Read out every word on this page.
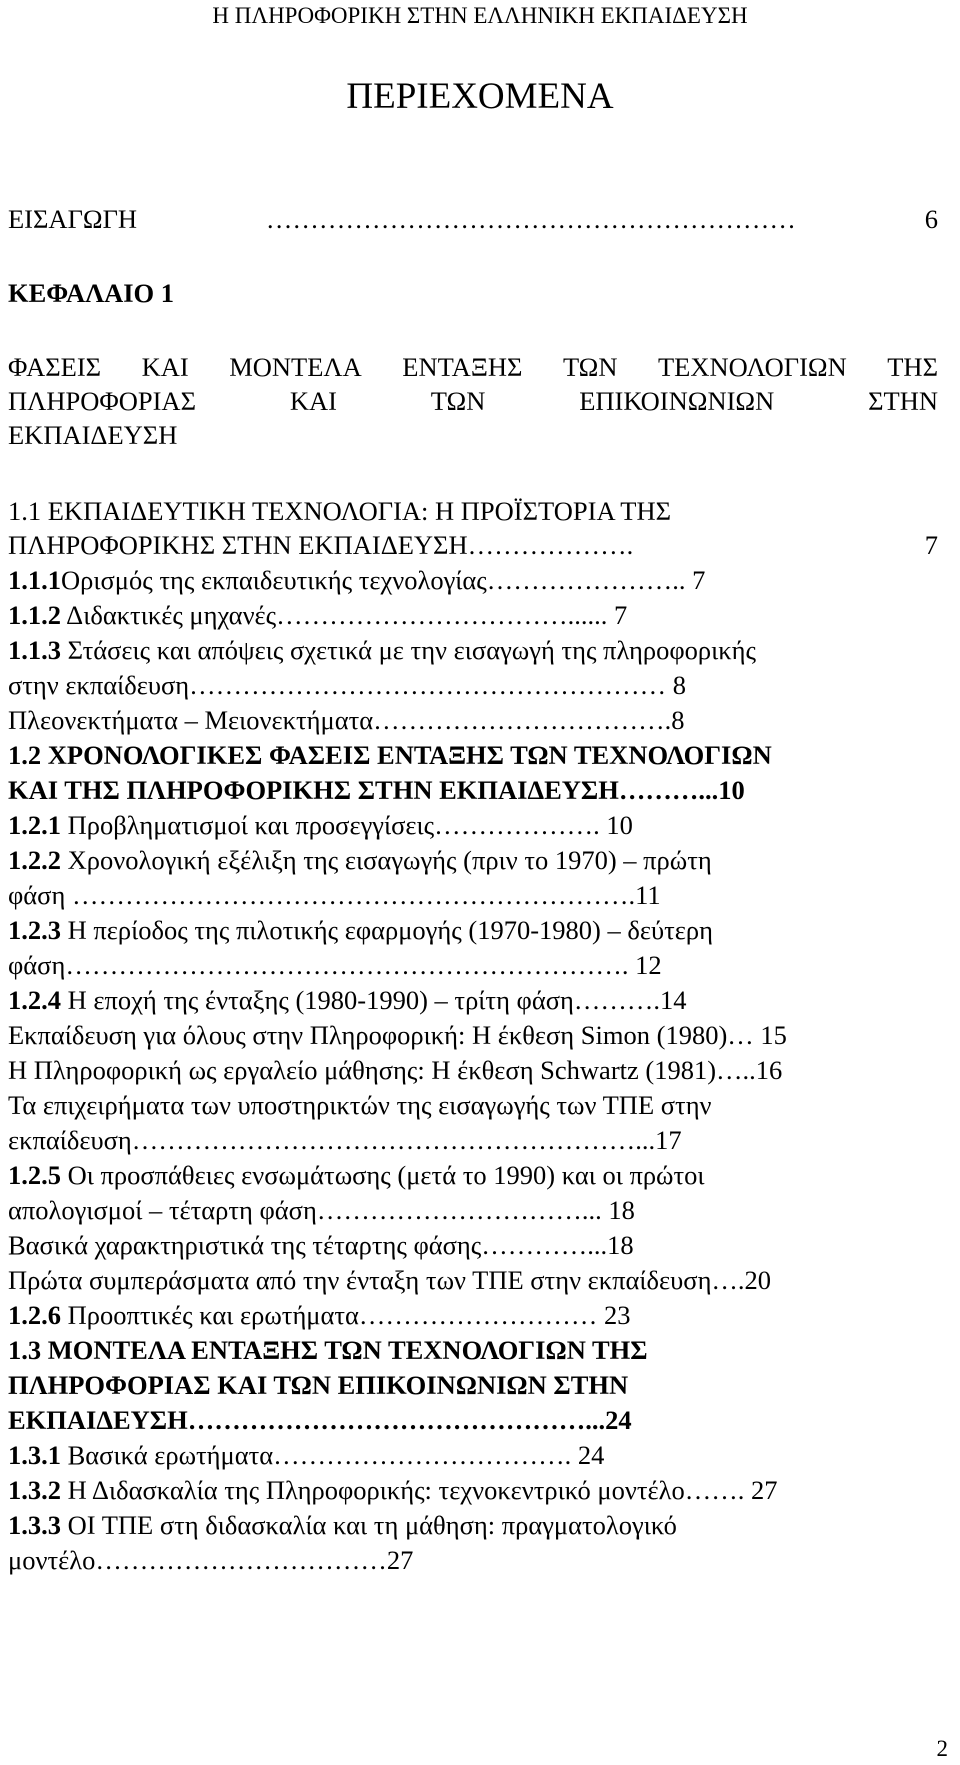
Η ΠΛΗΡΟΦΟΡΙΚΗ ΣΤΗΝ ΕΛΛΗΝΙΚΗ ΕΚΠΑΙΔΕΥΣΗ
ΠΕΡΙΕΧΟΜΕΝΑ
ΕΙΣΑΓΩΓΗ	……………………………………………………	6
ΚΕΦΑΛΑΙΟ 1
ΦΑΣΕΙΣ ΚΑΙ ΜΟΝΤΕΛΑ ΕΝΤΑΞΗΣ ΤΩΝ ΤΕΧΝΟΛΟΓΙΩΝ ΤΗΣ
ΠΛΗΡΟΦΟΡΙΑΣ	ΚΑΙ	ΤΩΝ	ΕΠΙΚΟΙΝΩΝΙΩΝ	ΣΤΗΝ
ΕΚΠΑΙΔΕΥΣΗ
1.1 ΕΚΠΑΙΔΕΥΤΙΚΗ ΤΕΧΝΟΛΟΓΙΑ: Η ΠΡΟΪΣΤΟΡΙΑ ΤΗΣ
ΠΛΗΡΟΦΟΡΙΚΗΣ ΣΤΗΝ ΕΚΠΑΙΔΕΥΣΗ……………….	7
1.1.1Ορισμός της εκπαιδευτικής τεχνολογίας………………….. 7
1.1.2 Διδακτικές μηχανές……………………………...... 7
1.1.3 Στάσεις και απόψεις σχετικά με την εισαγωγή της πληροφορικής
στην εκπαίδευση……………………………………………… 8
Πλεονεκτήματα – Μειονεκτήματα…………………………….8
1.2 ΧΡΟΝΟΛΟΓΙΚΕΣ ΦΑΣΕΙΣ ΕΝΤΑΞΗΣ ΤΩΝ ΤΕΧΝΟΛΟΓΙΩΝ
ΚΑΙ ΤΗΣ ΠΛΗΡΟΦΟΡΙΚΗΣ ΣΤΗΝ ΕΚΠΑΙΔΕΥΣΗ………...10
1.2.1 Προβληματισμοί και προσεγγίσεις………………. 10
1.2.2 Χρονολογική εξέλιξη της εισαγωγής (πριν το 1970) – πρώτη
φάση ……………………………………………………….11
1.2.3 Η περίοδος της πιλοτικής εφαρμογής (1970-1980) – δεύτερη
φάση………………………………………………………. 12
1.2.4 Η εποχή της ένταξης (1980-1990) – τρίτη φάση……….14
Εκπαίδευση για όλους στην Πληροφορική: Η έκθεση Simon (1980)… 15
Η Πληροφορική ως εργαλείο μάθησης: Η έκθεση Schwartz (1981)…..16
Τα επιχειρήματα των υποστηρικτών της εισαγωγής των ΤΠΕ στην
εκπαίδευση…………………………………………………...17
1.2.5 Οι προσπάθειες ενσωμάτωσης (μετά το 1990) και οι πρώτοι
απολογισμοί – τέταρτη φάση…………………………... 18
Βασικά χαρακτηριστικά της τέταρτης φάσης…………...18
Πρώτα συμπεράσματα από την ένταξη των ΤΠΕ στην εκπαίδευση….20
1.2.6 Προοπτικές και ερωτήματα……………………… 23
1.3 ΜΟΝΤΕΛΑ ΕΝΤΑΞΗΣ ΤΩΝ ΤΕΧΝΟΛΟΓΙΩΝ ΤΗΣ
ΠΛΗΡΟΦΟΡΙΑΣ ΚΑΙ ΤΩΝ ΕΠΙΚΟΙΝΩΝΙΩΝ ΣΤΗΝ
ΕΚΠΑΙΔΕΥΣΗ………………………………………...24
1.3.1 Βασικά ερωτήματα……………………………. 24
1.3.2 Η Διδασκαλία της Πληροφορικής: τεχνοκεντρικό μοντέλο……. 27
1.3.3 ΟΙ ΤΠΕ στη διδασκαλία και τη μάθηση: πραγματολογικό
μοντέλο……………………………27
2
